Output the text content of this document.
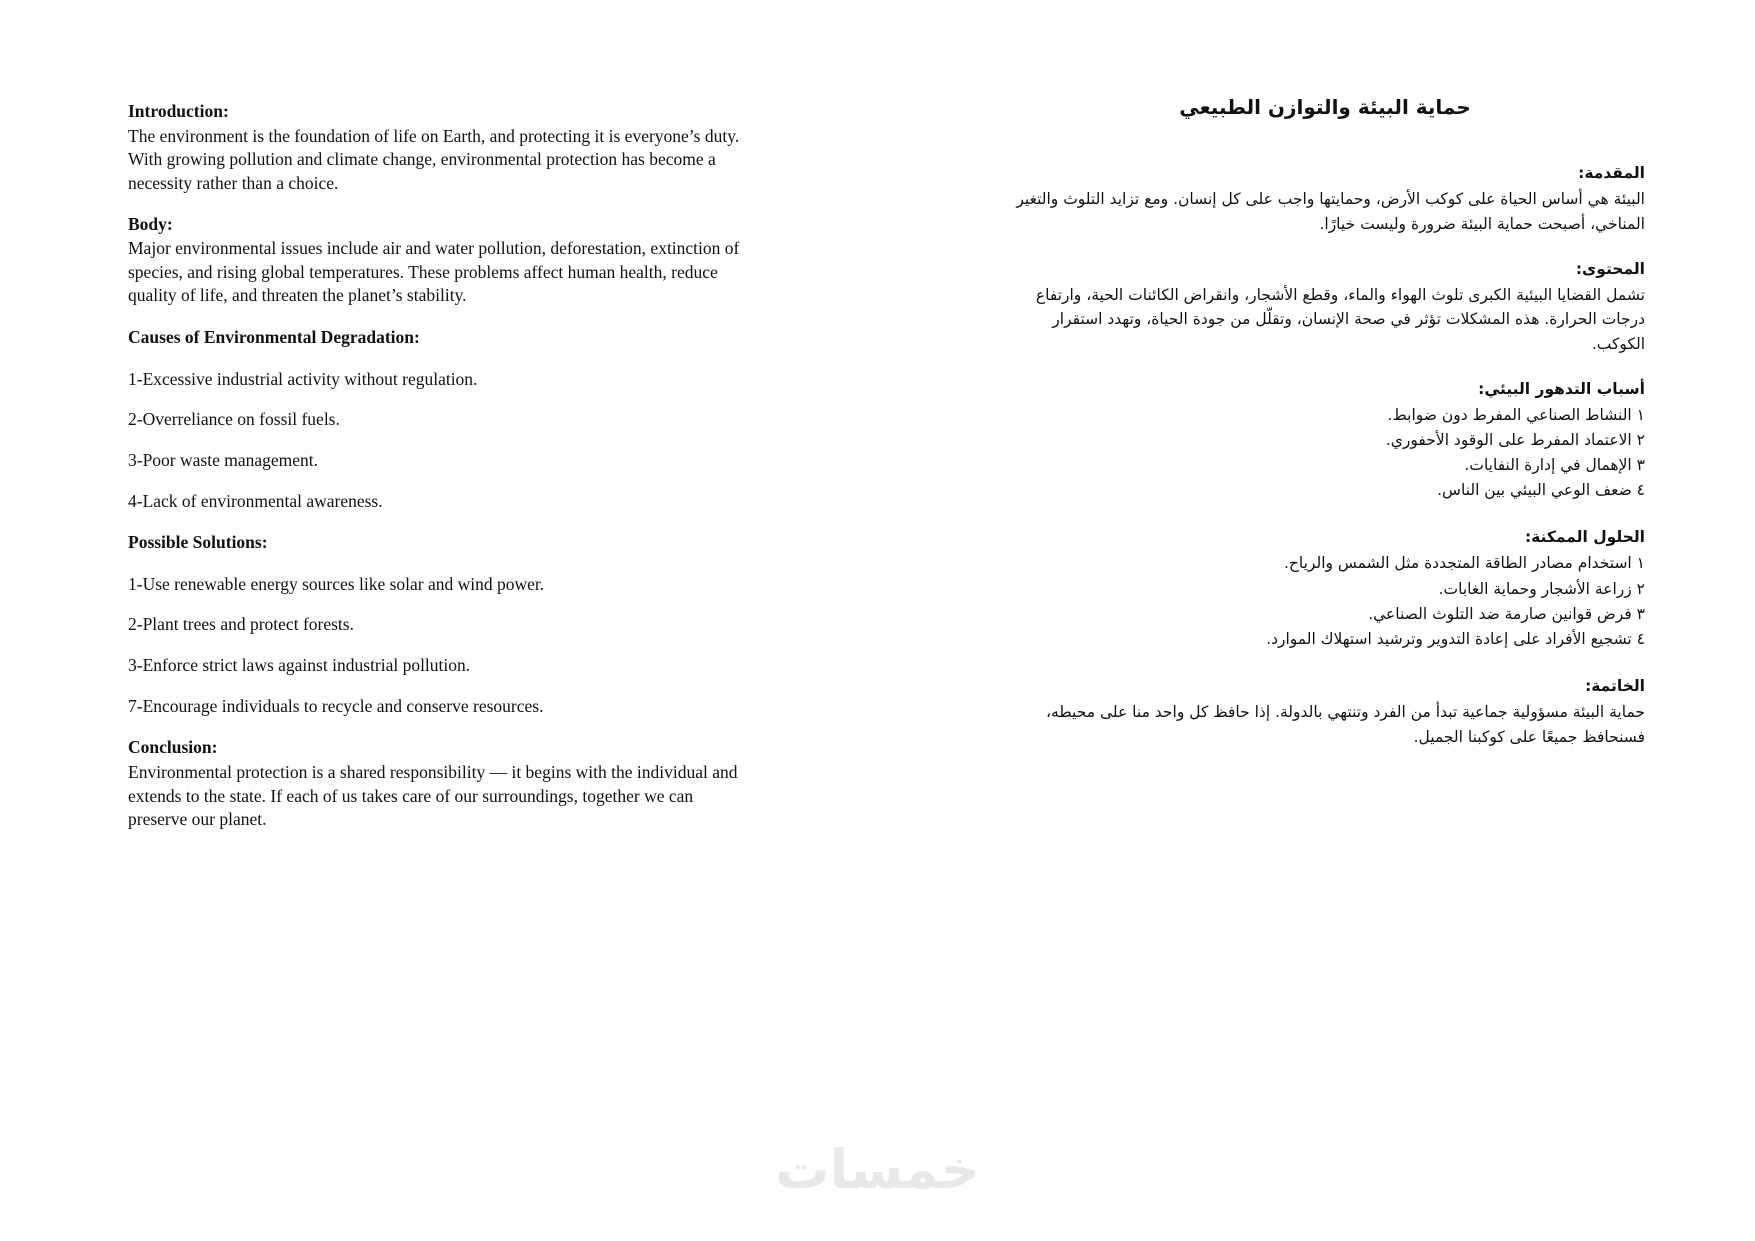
Introduction:

The environment is the foundation of life on Earth, and protecting it is everyone’s duty. With growing pollution and climate change, environmental protection has become a necessity rather than a choice.

Body:

Major environmental issues include air and water pollution, deforestation, extinction of species, and rising global temperatures. These problems affect human health, reduce quality of life, and threaten the planet’s stability.

Causes of Environmental Degradation:

1-Excessive industrial activity without regulation.

2-Overreliance on fossil fuels.

3-Poor waste management.

4-Lack of environmental awareness.

Possible Solutions:

1-Use renewable energy sources like solar and wind power.

2-Plant trees and protect forests.

3-Enforce strict laws against industrial pollution.

7-Encourage individuals to recycle and conserve resources.

Conclusion:

Environmental protection is a shared responsibility — it begins with the individual and extends to the state. If each of us takes care of our surroundings, together we can preserve our planet.

حماية البيئة والتوازن الطبيعي
المقدمة:

البيئة هي أساس الحياة على كوكب الأرض، وحمايتها واجب على كل إنسان. ومع تزايد التلوث والتغير المناخي، أصبحت حماية البيئة ضرورة وليست خيارًا.

المحتوى:

تشمل القضايا البيئية الكبرى تلوث الهواء والماء، وقطع الأشجار، وانقراض الكائنات الحية، وارتفاع درجات الحرارة. هذه المشكلات تؤثر في صحة الإنسان، وتقلّل من جودة الحياة، وتهدد استقرار الكوكب.

أسباب التدهور البيئي:

١ النشاط الصناعي المفرط دون ضوابط.

٢ الاعتماد المفرط على الوقود الأحفوري.

٣ الإهمال في إدارة النفايات.

٤ ضعف الوعي البيئي بين الناس.

الحلول الممكنة:

١ استخدام مصادر الطاقة المتجددة مثل الشمس والرياح.

٢ زراعة الأشجار وحماية الغابات.

٣ فرض قوانين صارمة ضد التلوث الصناعي.

٤ تشجيع الأفراد على إعادة التدوير وترشيد استهلاك الموارد.

الخاتمة:

حماية البيئة مسؤولية جماعية تبدأ من الفرد وتنتهي بالدولة. إذا حافظ كل واحد منا على محيطه، فسنحافظ جميعًا على كوكبنا الجميل.

خمسات
